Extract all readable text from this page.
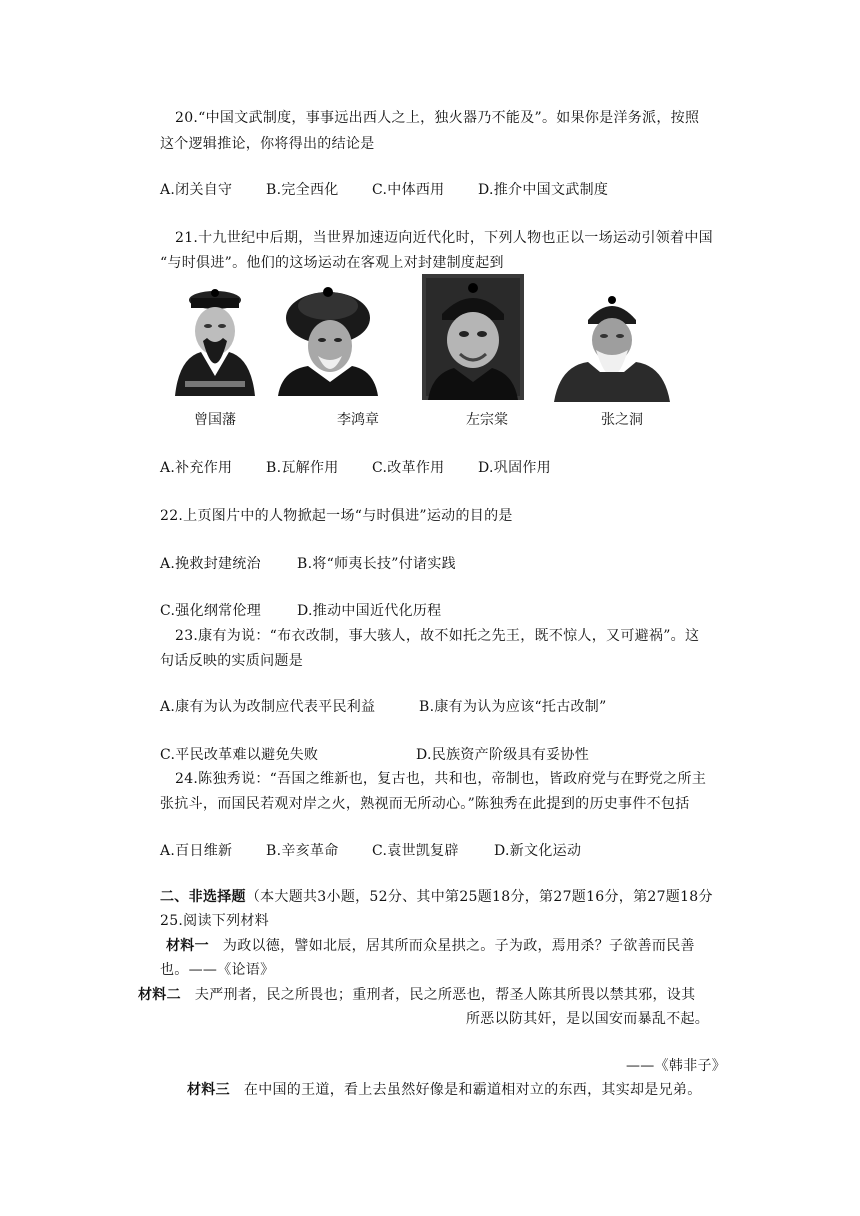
20.“中国文武制度，事事远出西人之上，独火器乃不能及”。如果你是洋务派，按照
这个逻辑推论，你将得出的结论是
A.闭关自守 B.完全西化 C.中体西用 D.推介中国文武制度
21.十九世纪中后期，当世界加速迈向近代化时，下列人物也正以一场运动引领着中国
“与时俱进”。他们的这场运动在客观上对封建制度起到
曾国藩	李鸿章	左宗棠	张之洞
A.补充作用 B.瓦解作用 C.改革作用 D.巩固作用
22.上页图片中的人物掀起一场“与时俱进”运动的目的是
A.挽救封建统治	B.将“师夷长技”付诸实践
C.强化纲常伦理	D.推动中国近代化历程
23.康有为说：“布衣改制，事大骇人，故不如托之先王，既不惊人，又可避祸”。这
句话反映的实质问题是
A.康有为认为改制应代表平民利益	B.康有为认为应该“托古改制”
C.平民改革难以避免失败	D.民族资产阶级具有妥协性
24.陈独秀说：“吾国之维新也，复古也，共和也，帝制也，皆政府党与在野党之所主
张抗斗，而国民若观对岸之火，熟视而无所动心。”陈独秀在此提到的历史事件不包括
A.百日维新 B.辛亥革命 C.袁世凯复辟	D.新文化运动
二、非选择题（本大题共3小题，52分、其中第25题18分，第27题16分，第27题18分
25.阅读下列材料
材料一 为政以德，譬如北辰，居其所而众星拱之。子为政，焉用杀？子欲善而民善
也。——《论语》
材料二 夫严刑者，民之所畏也；重刑者，民之所恶也，帮圣人陈其所畏以禁其邪，设其
所恶以防其奸，是以国安而暴乱不起。
——《韩非子》
材料三 在中国的王道，看上去虽然好像是和霸道相对立的东西，其实却是兄弟。
